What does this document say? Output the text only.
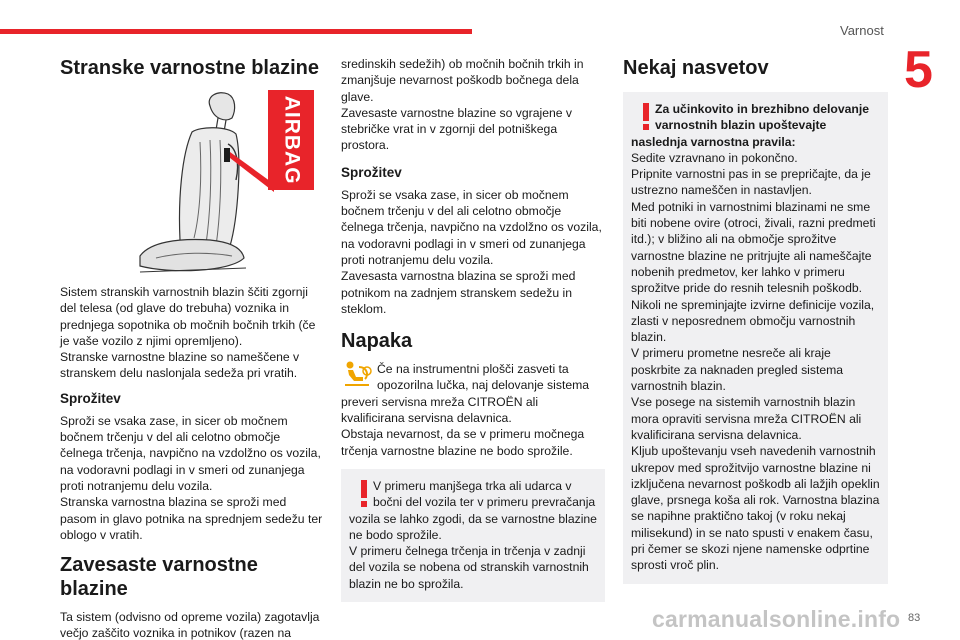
Varnost
5
Stranske varnostne blazine
AIRBAG

Sistem stranskih varnostnih blazin ščiti zgornji del telesa (od glave do trebuha) voznika in prednjega sopotnika ob močnih bočnih trkih (če je vaše vozilo z njimi opremljeno).
Stranske varnostne blazine so nameščene v stranskem delu naslonjala sedeža pri vratih.

Sprožitev

Sproži se vsaka zase, in sicer ob močnem bočnem trčenju v del ali celotno območje čelnega trčenja, navpično na vzdolžno os vozila, na vodoravni podlagi in v smeri od zunanjega proti notranjemu delu vozila.
Stranska varnostna blazina se sproži med pasom in glavo potnika na sprednjem sedežu ter oblogo v vratih.

Zavesaste varnostne blazine

Ta sistem (odvisno od opreme vozila) zagotavlja večjo zaščito voznika in potnikov (razen na

sredinskih sedežih) ob močnih bočnih trkih in zmanjšuje nevarnost poškodb bočnega dela glave.
Zavesaste varnostne blazine so vgrajene v stebričke vrat in v zgornji del potniškega prostora.

Sprožitev

Sproži se vsaka zase, in sicer ob močnem bočnem trčenju v del ali celotno območje čelnega trčenja, navpično na vzdolžno os vozila, na vodoravni podlagi in v smeri od zunanjega proti notranjemu delu vozila.
Zavesasta varnostna blazina se sproži med potnikom na zadnjem stranskem sedežu in steklom.

Napaka

Če na instrumentni plošči zasveti ta opozorilna lučka, naj delovanje sistema

preveri servisna mreža CITROËN ali kvalificirana servisna delavnica.
Obstaja nevarnost, da se v primeru močnega trčenja varnostne blazine ne bodo sprožile.

V primeru manjšega trka ali udarca v bočni del vozila ter v primeru prevračanja

vozila se lahko zgodi, da se varnostne blazine ne bodo sprožile.
V primeru čelnega trčenja in trčenja v zadnji del vozila se nobena od stranskih varnostnih blazin ne bo sprožila.

Nekaj nasvetov

Za učinkovito in brezhibno delovanje varnostnih blazin upoštevajte

naslednja varnostna pravila:

Sedite vzravnano in pokončno.
Pripnite varnostni pas in se prepričajte, da je ustrezno nameščen in nastavljen.
Med potniki in varnostnimi blazinami ne sme biti nobene ovire (otroci, živali, razni predmeti itd.); v bližino ali na območje sprožitve varnostne blazine ne pritrjujte ali nameščajte nobenih predmetov, ker lahko v primeru sprožitve pride do resnih telesnih poškodb.
Nikoli ne spreminjajte izvirne definicije vozila, zlasti v neposrednem območju varnostnih blazin.
V primeru prometne nesreče ali kraje poskrbite za naknaden pregled sistema varnostnih blazin.
Vse posege na sistemih varnostnih blazin mora opraviti servisna mreža CITROËN ali kvalificirana servisna delavnica.
Kljub upoštevanju vseh navedenih varnostnih ukrepov med sprožitvijo varnostne blazine ni izključena nevarnost poškodb ali lažjih opeklin glave, prsnega koša ali rok. Varnostna blazina se napihne praktično takoj (v roku nekaj milisekund) in se nato spusti v enakem času, pri čemer se skozi njene namenske odprtine sprosti vroč plin.

carmanualsonline.info 83
